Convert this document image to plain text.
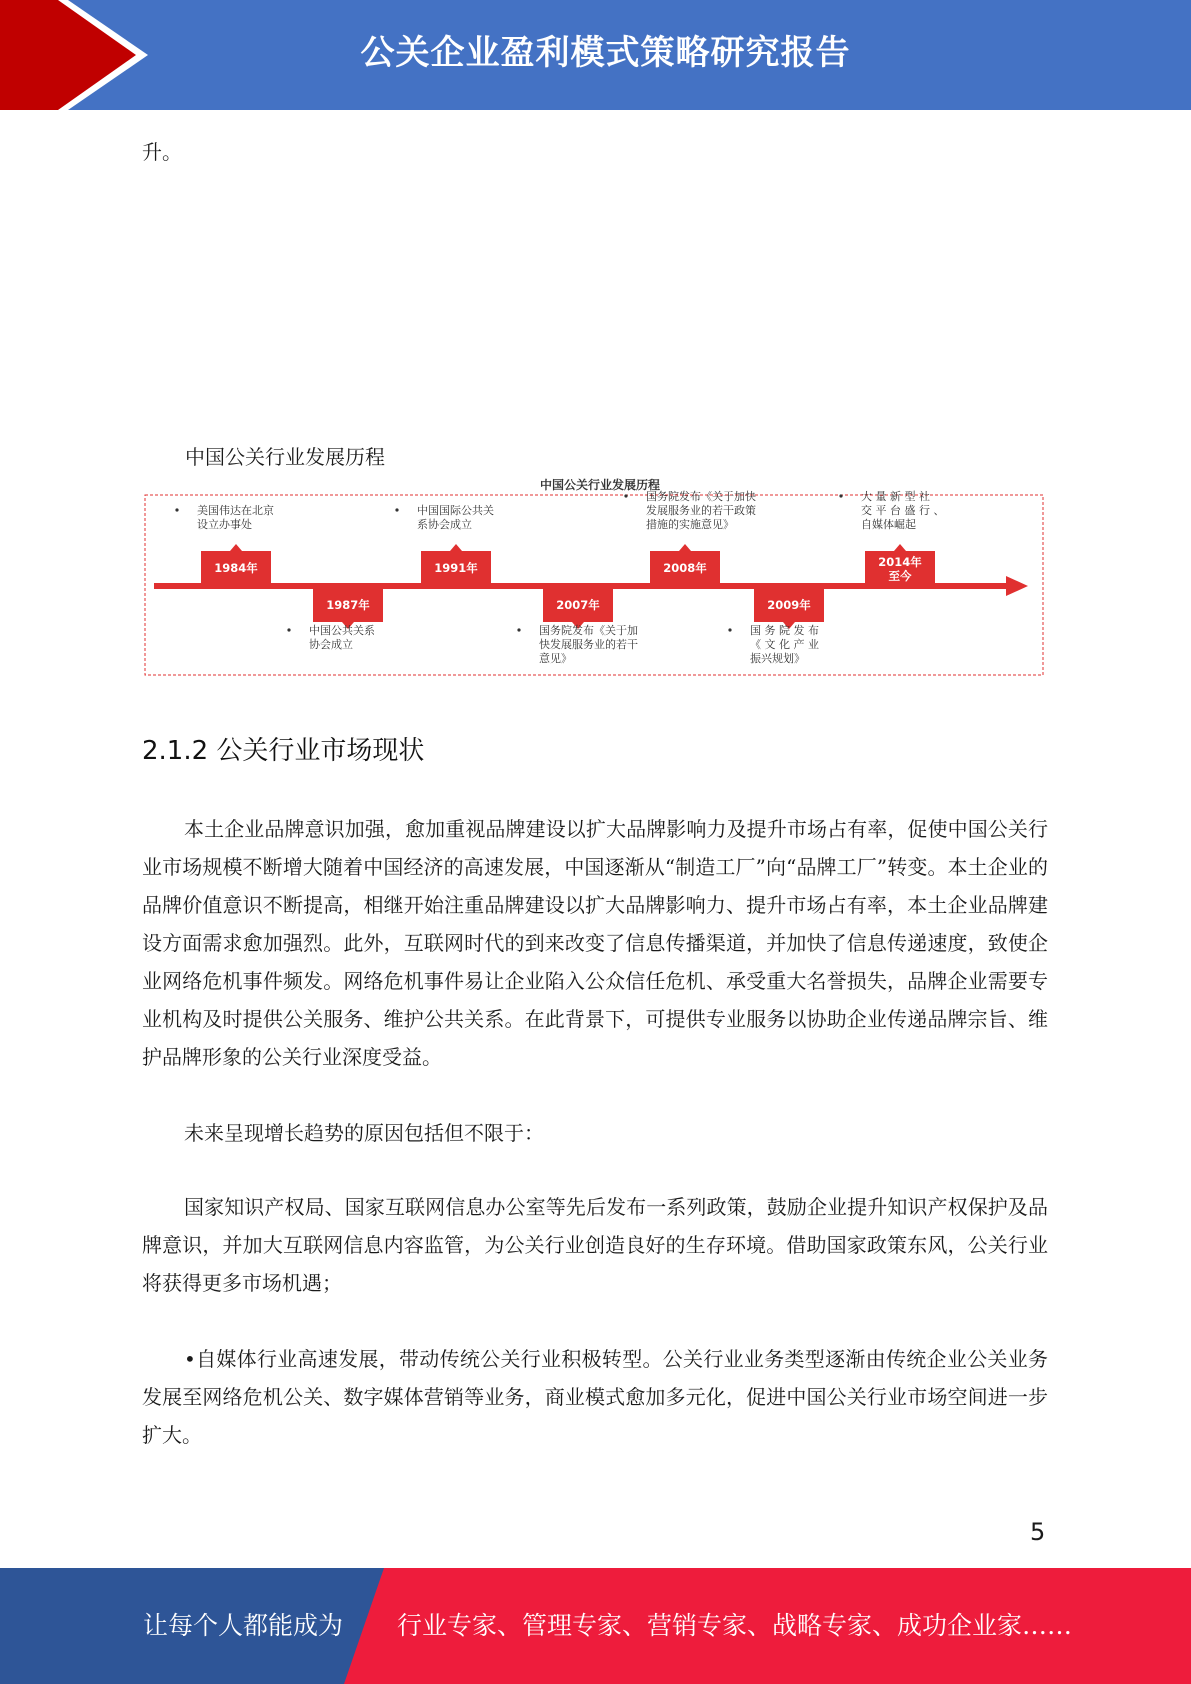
公关企业盈利模式策略研究报告
升。
中国公关行业发展历程
中国公关行业发展历程
1984年
美国伟达在北京
设立办事处
1987年
中国公共关系
协会成立
1991年
中国国际公共关
系协会成立
2007年
国务院发布《关于加
快发展服务业的若干
意见》
2008年
国务院发布《关于加快
发展服务业的若干政策
措施的实施意见》
2009年
国 务 院 发 布
《 文 化 产 业
振兴规划》
2014年
至今
大 量 新 型 社
交 平 台 盛 行 、
自媒体崛起
2.1.2 公关行业市场现状

本土企业品牌意识加强，愈加重视品牌建设以扩大品牌影响力及提升市场占有率，促使中国公关行业市场规模不断增大随着中国经济的高速发展，中国逐渐从“制造工厂”向“品牌工厂”转变。本土企业的品牌价值意识不断提高，相继开始注重品牌建设以扩大品牌影响力、提升市场占有率，本土企业品牌建设方面需求愈加强烈。此外，互联网时代的到来改变了信息传播渠道，并加快了信息传递速度，致使企业网络危机事件频发。网络危机事件易让企业陷入公众信任危机、承受重大名誉损失，品牌企业需要专业机构及时提供公关服务、维护公共关系。在此背景下，可提供专业服务以协助企业传递品牌宗旨、维护品牌形象的公关行业深度受益。

未来呈现增长趋势的原因包括但不限于：

国家知识产权局、国家互联网信息办公室等先后发布一系列政策，鼓励企业提升知识产权保护及品牌意识，并加大互联网信息内容监管，为公关行业创造良好的生存环境。借助国家政策东风，公关行业将获得更多市场机遇；

•自媒体行业高速发展，带动传统公关行业积极转型。公关行业业务类型逐渐由传统企业公关业务发展至网络危机公关、数字媒体营销等业务，商业模式愈加多元化，促进中国公关行业市场空间进一步扩大。

5
让每个人都能成为 行业专家、管理专家、营销专家、战略专家、成功企业家……
